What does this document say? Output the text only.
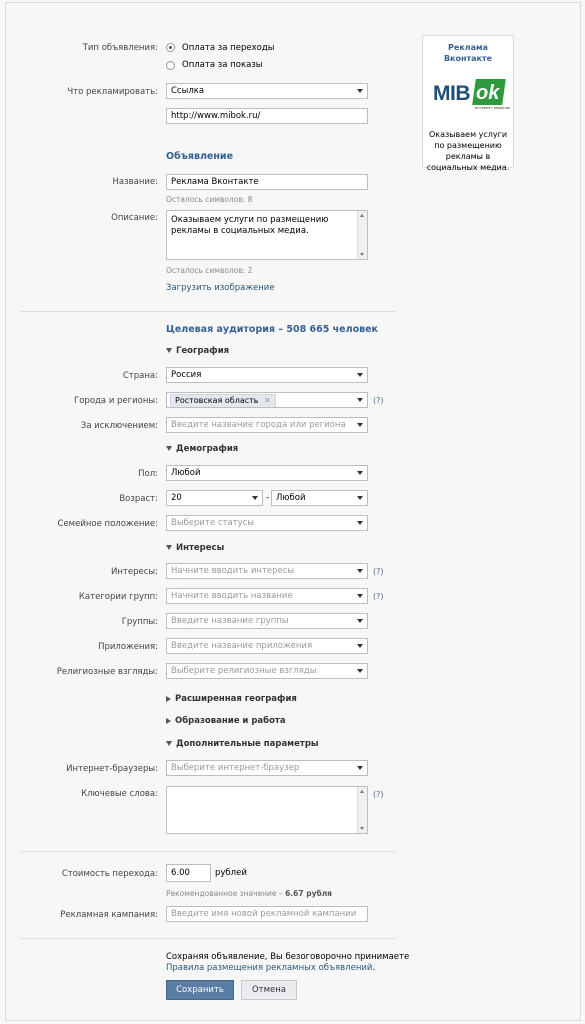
Тип объявления:	Оплата за переходы
Оплата за показы
Что рекламировать:	Ссылка
http://www.mibok.ru/
Объявление
Название:	Реклама Вконтакте
Осталось символов: 8
Описание: Оказываем услуги по размещению рекламы в социальных медиа.
Осталось символов: 2
Загрузить изображение
Реклама Вконтакте
MIB ok
интернет решения
Оказываем услуги по размещению рекламы в социальных медиа.
Целевая аудитория – 508 665 человек
География
Страна:	Россия
Города и регионы:	Ростовская область ✕	(?)
За исключением:	Введите название города или региона
Демография
Пол:	Любой
Возраст:	20	- Любой
Семейное положение:	Выберите статусы
Интересы
Интересы:	Начните вводить интересы	(?)
Категории групп:	Начните вводить название	(?)
Группы:	Введите название группы
Приложения:	Введите название приложения
Религиозные взгляды:	Выберите религиозные взгляды
Расширенная география
Образование и работа
Дополнительные параметры
Интернет-браузеры:	Выберите интернет-браузер
Ключевые слова:	(?)
Стоимость перехода:	6.00	рублей
Рекомендованное значение – 6.67 рубля
Рекламная кампания:	Введите имя новой рекламной кампании
Сохраняя объявление, Вы безоговорочно принимаете
Правила размещения рекламных объявлений.
Сохранить	Отмена
